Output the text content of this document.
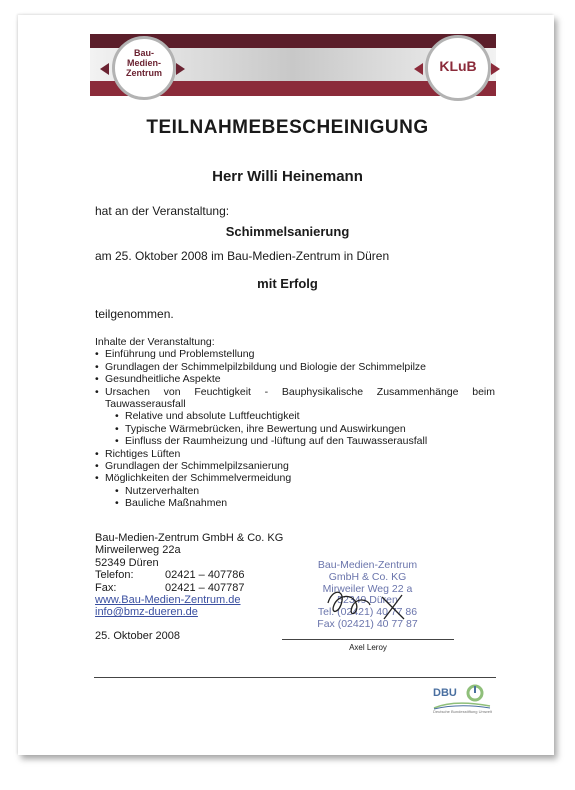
Bau-
Medien-
Zentrum	KLuB
TEILNAHMEBESCHEINIGUNG
Herr Willi Heinemann
hat an der Veranstaltung:
Schimmelsanierung
am 25. Oktober 2008 im Bau-Medien-Zentrum in Düren
mit Erfolg
teilgenommen.
Inhalte der Veranstaltung:
• Einführung und Problemstellung
• Grundlagen der Schimmelpilzbildung und Biologie der Schimmelpilze
• Gesundheitliche Aspekte
• Ursachen von Feuchtigkeit - Bauphysikalische Zusammenhänge beim
Tauwasserausfall
• Relative und absolute Luftfeuchtigkeit
• Typische Wärmebrücken, ihre Bewertung und Auswirkungen
• Einfluss der Raumheizung und -lüftung auf den Tauwasserausfall
• Richtiges Lüften
• Grundlagen der Schimmelpilzsanierung
• Möglichkeiten der Schimmelvermeidung
• Nutzerverhalten
• Bauliche Maßnahmen
Bau-Medien-Zentrum GmbH & Co. KG
Mirweilerweg 22a
52349 Düren
Telefon:	02421 – 407786
Fax:	02421 – 407787
www.Bau-Medien-Zentrum.de
info@bmz-dueren.de
25. Oktober 2008
Bau-Medien-Zentrum
GmbH & Co. KG
Mirweiler Weg 22 a
52349 Düren
Tel. (02421) 40 77 86
Fax (02421) 40 77 87
Axel Leroy
DBU
Deutsche Bundesstiftung Umwelt
